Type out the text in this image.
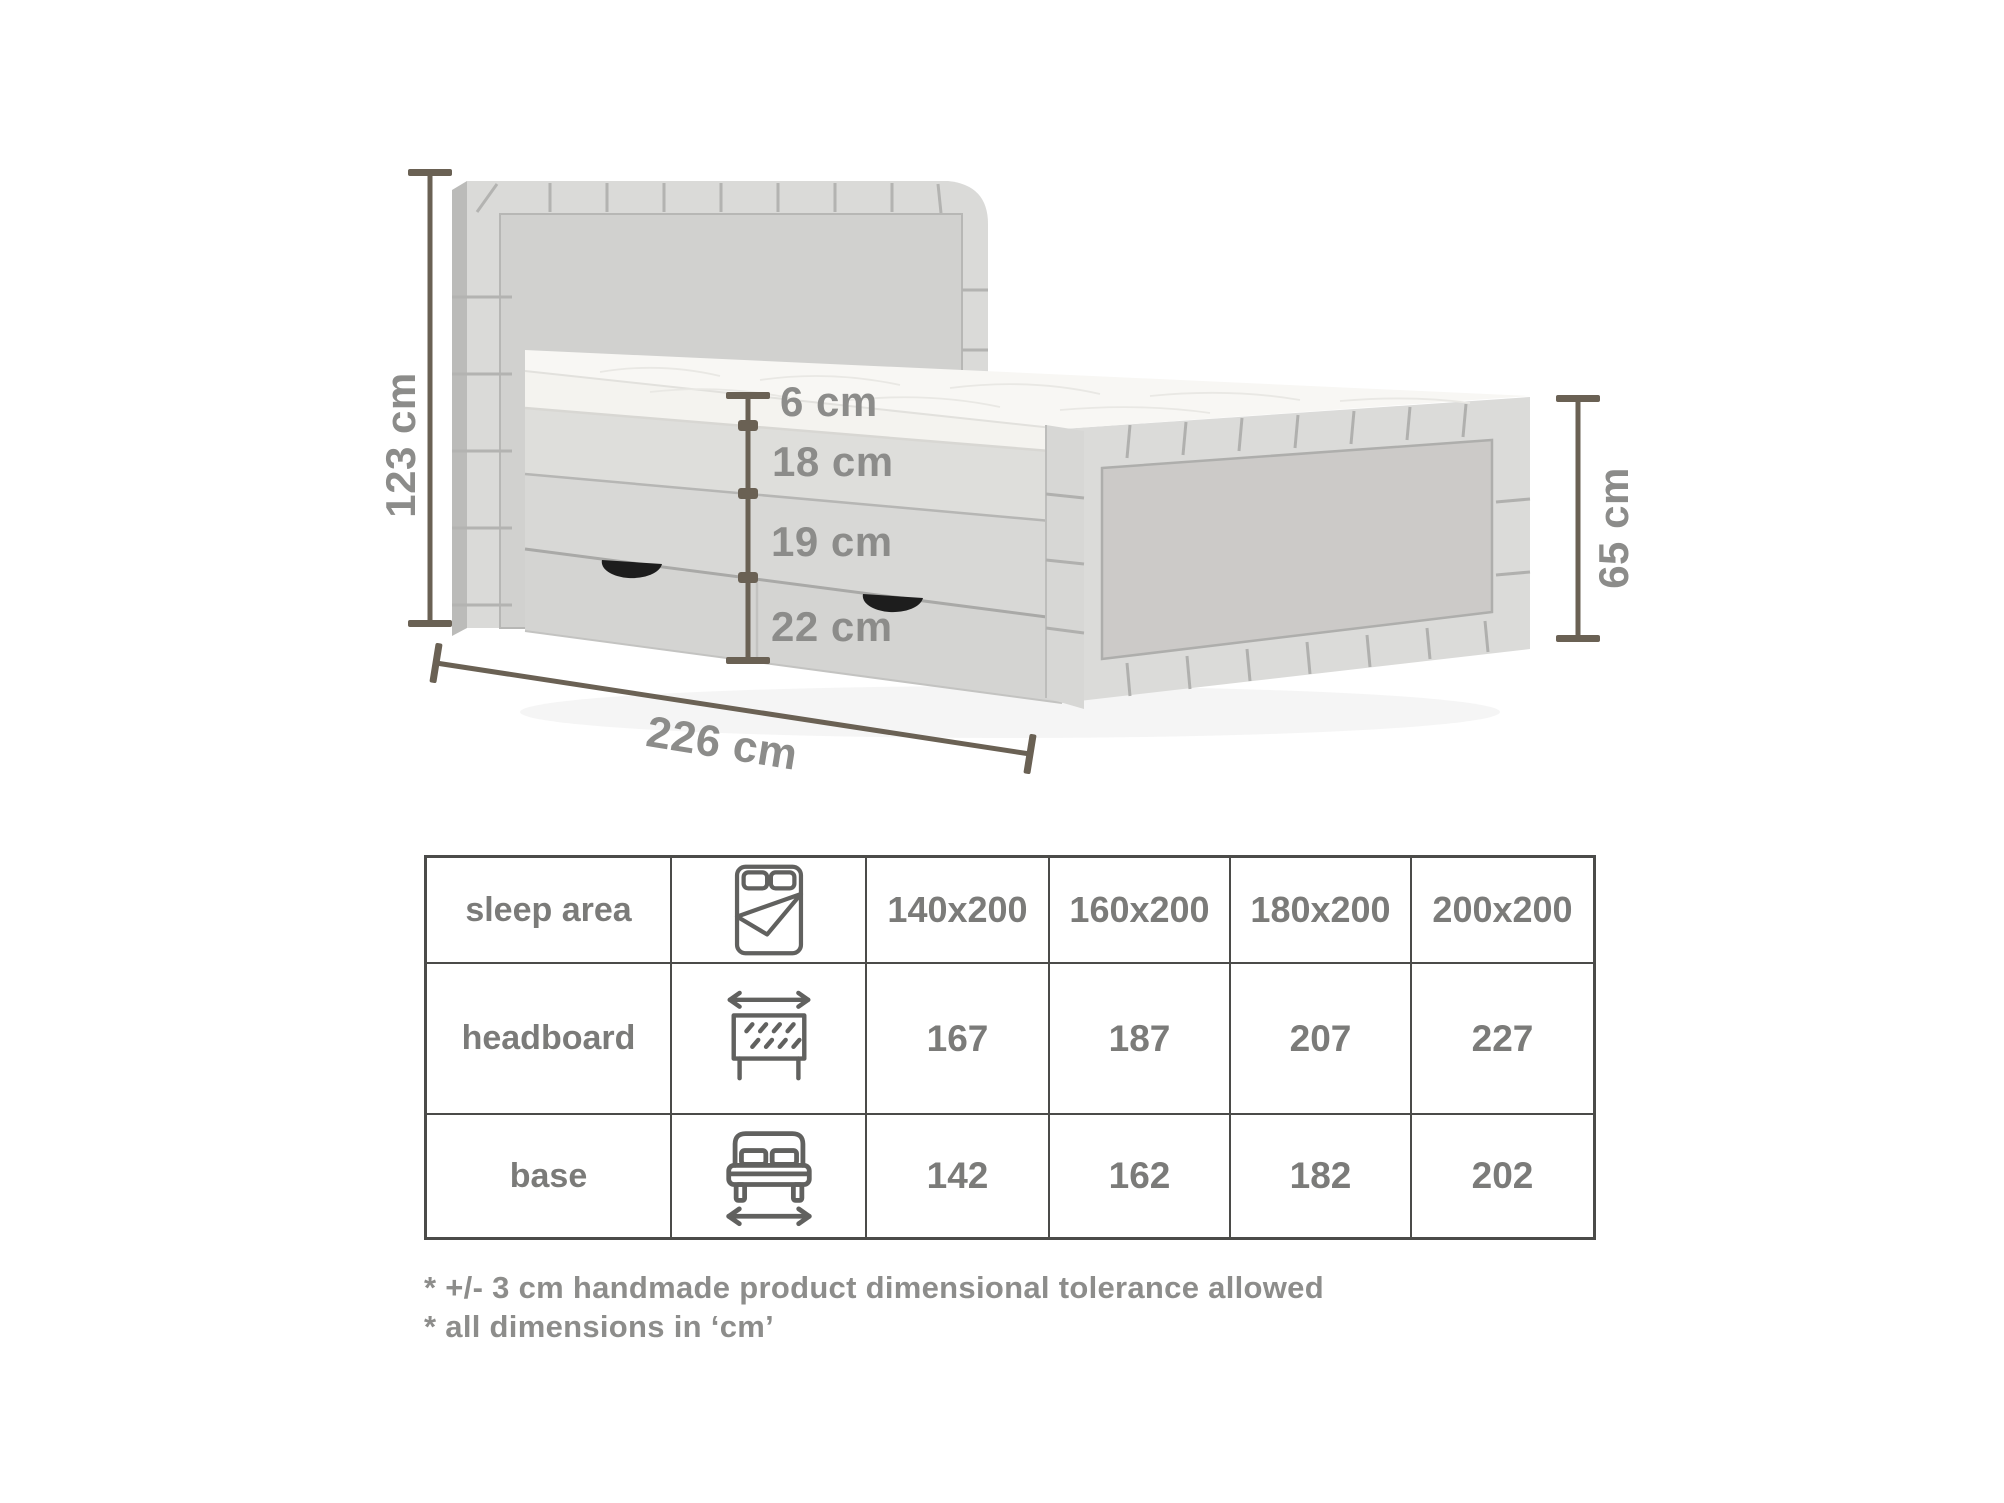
123 cm	6 cm
18 cm
19 cm
22 cm
226 cm
65 cm
sleep area	140x200 160x200 180x200 200x200
headboard	167	187	207	227
base	142	162	182	202
* +/- 3 cm handmade product dimensional tolerance allowed
* all dimensions in ‘cm’
